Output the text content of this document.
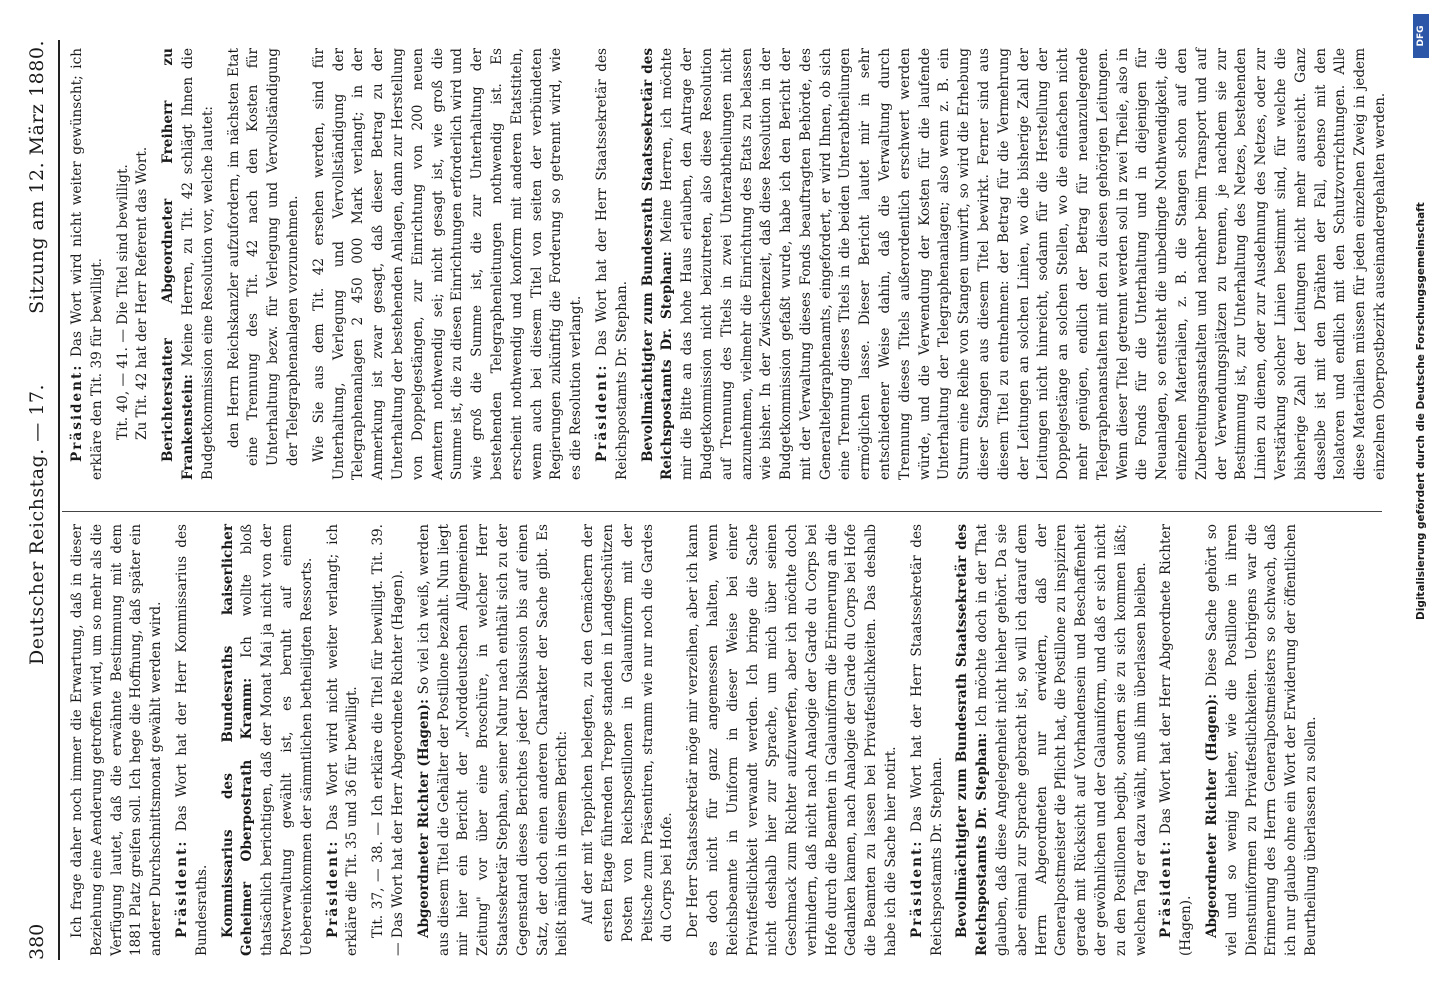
380
Deutscher Reichstag. — 17.
Sitzung am 12. März 1880.

Ich frage daher noch immer die Erwartung, daß in dieser Beziehung eine Aenderung getroffen wird, um so mehr als die Verfügung lautet, daß die erwähnte Bestimmung mit dem 1881 Platz greifen soll. Ich hege die Hoffnung, daß später ein anderer Durchschnittsmonat gewählt werden wird. Präsident: Das Wort hat der Herr Kommissarius des Bundesraths. Kommissarius des Bundesraths kaiserlicher Geheimer Oberpostrath Kramm: Ich wollte bloß thatsächlich berichtigen, daß der Monat Mai ja nicht von der Postverwaltung gewählt ist, es beruht auf einem Uebereinkommen der sämmtlichen betheiligten Ressorts. Präsident: Das Wort wird nicht weiter verlangt; ich erkläre die Tit. 35 und 36 für bewilligt. Tit. 37, — 38. — Ich erkläre die Titel für bewilligt. Tit. 39. — Das Wort hat der Herr Abgeordnete Richter (Hagen). Abgeordneter Richter (Hagen): So viel ich weiß, werden aus diesem Titel die Gehälter der Postillone bezahlt. Nun liegt mir hier ein Bericht der „Norddeutschen Allgemeinen Zeitung" vor über eine Broschüre, in welcher Herr Staatssekretär Stephan, seiner Natur nach enthält sich zu der Gegenstand dieses Berichtes jeder Diskussion bis auf einen Satz, der doch einen anderen Charakter der Sache gibt. Es heißt nämlich in diesem Bericht: Auf der mit Teppichen belegten, zu den Gemächern der ersten Etage führenden Treppe standen in Landgeschützen Posten von Reichspostillonen in Galauniform mit der Peitsche zum Präsentiren, stramm wie nur noch die Gardes du Corps bei Hofe. Der Herr Staatssekretär möge mir verzeihen, aber ich kann es doch nicht für ganz angemessen halten, wenn Reichsbeamte in Uniform in dieser Weise bei einer Privatfestlichkeit verwandt werden. Ich bringe die Sache nicht deshalb hier zur Sprache, um mich über seinen Geschmack zum Richter aufzuwerfen, aber ich möchte doch verhindern, daß nicht nach Analogie der Garde du Corps bei Hofe durch die Beamten in Galauniform die Erinnerung an die Gedanken kamen, nach Analogie der Garde du Corps bei Hofe die Beamten zu lassen bei Privatfestlichkeiten. Das deshalb habe ich die Sache hier notirt. Präsident: Das Wort hat der Herr Staatssekretär des Reichspostamts Dr. Stephan. Bevollmächtigter zum Bundesrath Staatssekretär des Reichspostamts Dr. Stephan: Ich möchte doch in der That glauben, daß diese Angelegenheit nicht hieher gehört. Da sie aber einmal zur Sprache gebracht ist, so will ich darauf dem Herrn Abgeordneten nur erwidern, daß der Generalpostmeister die Pflicht hat, die Postillone zu inspiziren gerade mit Rücksicht auf Vorhandensein und Beschaffenheit der gewöhnlichen und der Galauniform, und daß er sich nicht zu den Postillonen begibt, sondern sie zu sich kommen läßt; welchen Tag er dazu wählt, muß ihm überlassen bleiben. Präsident: Das Wort hat der Herr Abgeordnete Richter (Hagen). Abgeordneter Richter (Hagen): Diese Sache gehört so viel und so wenig hieher, wie die Postillone in ihren Dienstuniformen zu Privatfestlichkeiten. Uebrigens war die Erinnerung des Herrn Generalpostmeisters so schwach, daß ich nur glaube ohne ein Wort der Erwiderung der öffentlichen Beurtheilung überlassen zu sollen.

Präsident: Das Wort wird nicht weiter gewünscht; ich erkläre den Tit. 39 für bewilligt. Tit. 40, — 41. — Die Titel sind bewilligt. Zu Tit. 42 hat der Herr Referent das Wort. Berichterstatter Abgeordneter Freiherr zu Frankenstein: Meine Herren, zu Tit. 42 schlägt Ihnen die Budgetkommission eine Resolution vor, welche lautet: den Herrn Reichskanzler aufzufordern, im nächsten Etat eine Trennung des Tit. 42 nach den Kosten für Unterhaltung bezw. für Verlegung und Vervollständigung der Telegraphenanlagen vorzunehmen. Wie Sie aus dem Tit. 42 ersehen werden, sind für Unterhaltung, Verlegung und Vervollständigung der Telegraphenanlagen 2 450 000 Mark verlangt; in der Anmerkung ist zwar gesagt, daß dieser Betrag zu der Unterhaltung der bestehenden Anlagen, dann zur Herstellung von Doppelgestängen, zur Einrichtung von 200 neuen Aemtern nothwendig sei; nicht gesagt ist, wie groß die Summe ist, die zu diesen Einrichtungen erforderlich wird und wie groß die Summe ist, die zur Unterhaltung der bestehenden Telegraphenleitungen nothwendig ist. Es erscheint nothwendig und konform mit anderen Etatstiteln, wenn auch bei diesem Titel von seiten der verbündeten Regierungen zukünftig die Forderung so getrennt wird, wie es die Resolution verlangt. Präsident: Das Wort hat der Herr Staatssekretär des Reichspostamts Dr. Stephan. Bevollmächtigter zum Bundesrath Staatssekretär des Reichspostamts Dr. Stephan: Meine Herren, ich möchte mir die Bitte an das hohe Haus erlauben, den Antrage der Budgetkommission nicht beizutreten, also diese Resolution auf Trennung des Titels in zwei Unterabtheilungen nicht anzunehmen, vielmehr die Einrichtung des Etats zu belassen wie bisher. In der Zwischenzeit, daß diese Resolution in der Budgetkommission gefaßt wurde, habe ich den Bericht der mit der Verwaltung dieses Fonds beauftragten Behörde, des Generaltelegraphenamts, eingefordert, er wird Ihnen, ob sich eine Trennung dieses Titels in die beiden Unterabtheilungen ermöglichen lasse. Dieser Bericht lautet mir in sehr entschiedener Weise dahin, daß die Verwaltung durch Trennung dieses Titels außerordentlich erschwert werden würde, und die Verwendung der Kosten für die laufende Unterhaltung der Telegraphenanlagen; also wenn z. B. ein Sturm eine Reihe von Stangen umwirft, so wird die Erhebung dieser Stangen aus diesem Titel bewirkt. Ferner sind aus diesem Titel zu entnehmen: der Betrag für die Vermehrung der Leitungen an solchen Linien, wo die bisherige Zahl der Leitungen nicht hinreicht, sodann für die Herstellung der Doppelgestänge an solchen Stellen, wo die einfachen nicht mehr genügen, endlich der Betrag für neuanzulegende Telegraphenanstalten mit den zu diesen gehörigen Leitungen. Wenn dieser Titel getrennt werden soll in zwei Theile, also in die Fonds für die Unterhaltung und in diejenigen für Neuanlagen, so entsteht die unbedingte Nothwendigkeit, die einzelnen Materialien, z. B. die Stangen schon auf den Zubereitungsanstalten und nachher beim Transport und auf der Verwendungsplätzen zu trennen, je nachdem sie zur Bestimmung ist, zur Unterhaltung des Netzes, bestehenden Linien zu dienen, oder zur Ausdehnung des Netzes, oder zur Verstärkung solcher Linien bestimmt sind, für welche die bisherige Zahl der Leitungen nicht mehr ausreicht. Ganz dasselbe ist mit den Drähten der Fall, ebenso mit den Isolatoren und endlich mit den Schutzvorrichtungen. Alle diese Materialien müssen für jeden einzelnen Zweig in jedem einzelnen Oberpostbezirk auseinandergehalten werden.	Digitalisierung gefördert durch die Deutsche Forschungsgemeinschaft
DFG
